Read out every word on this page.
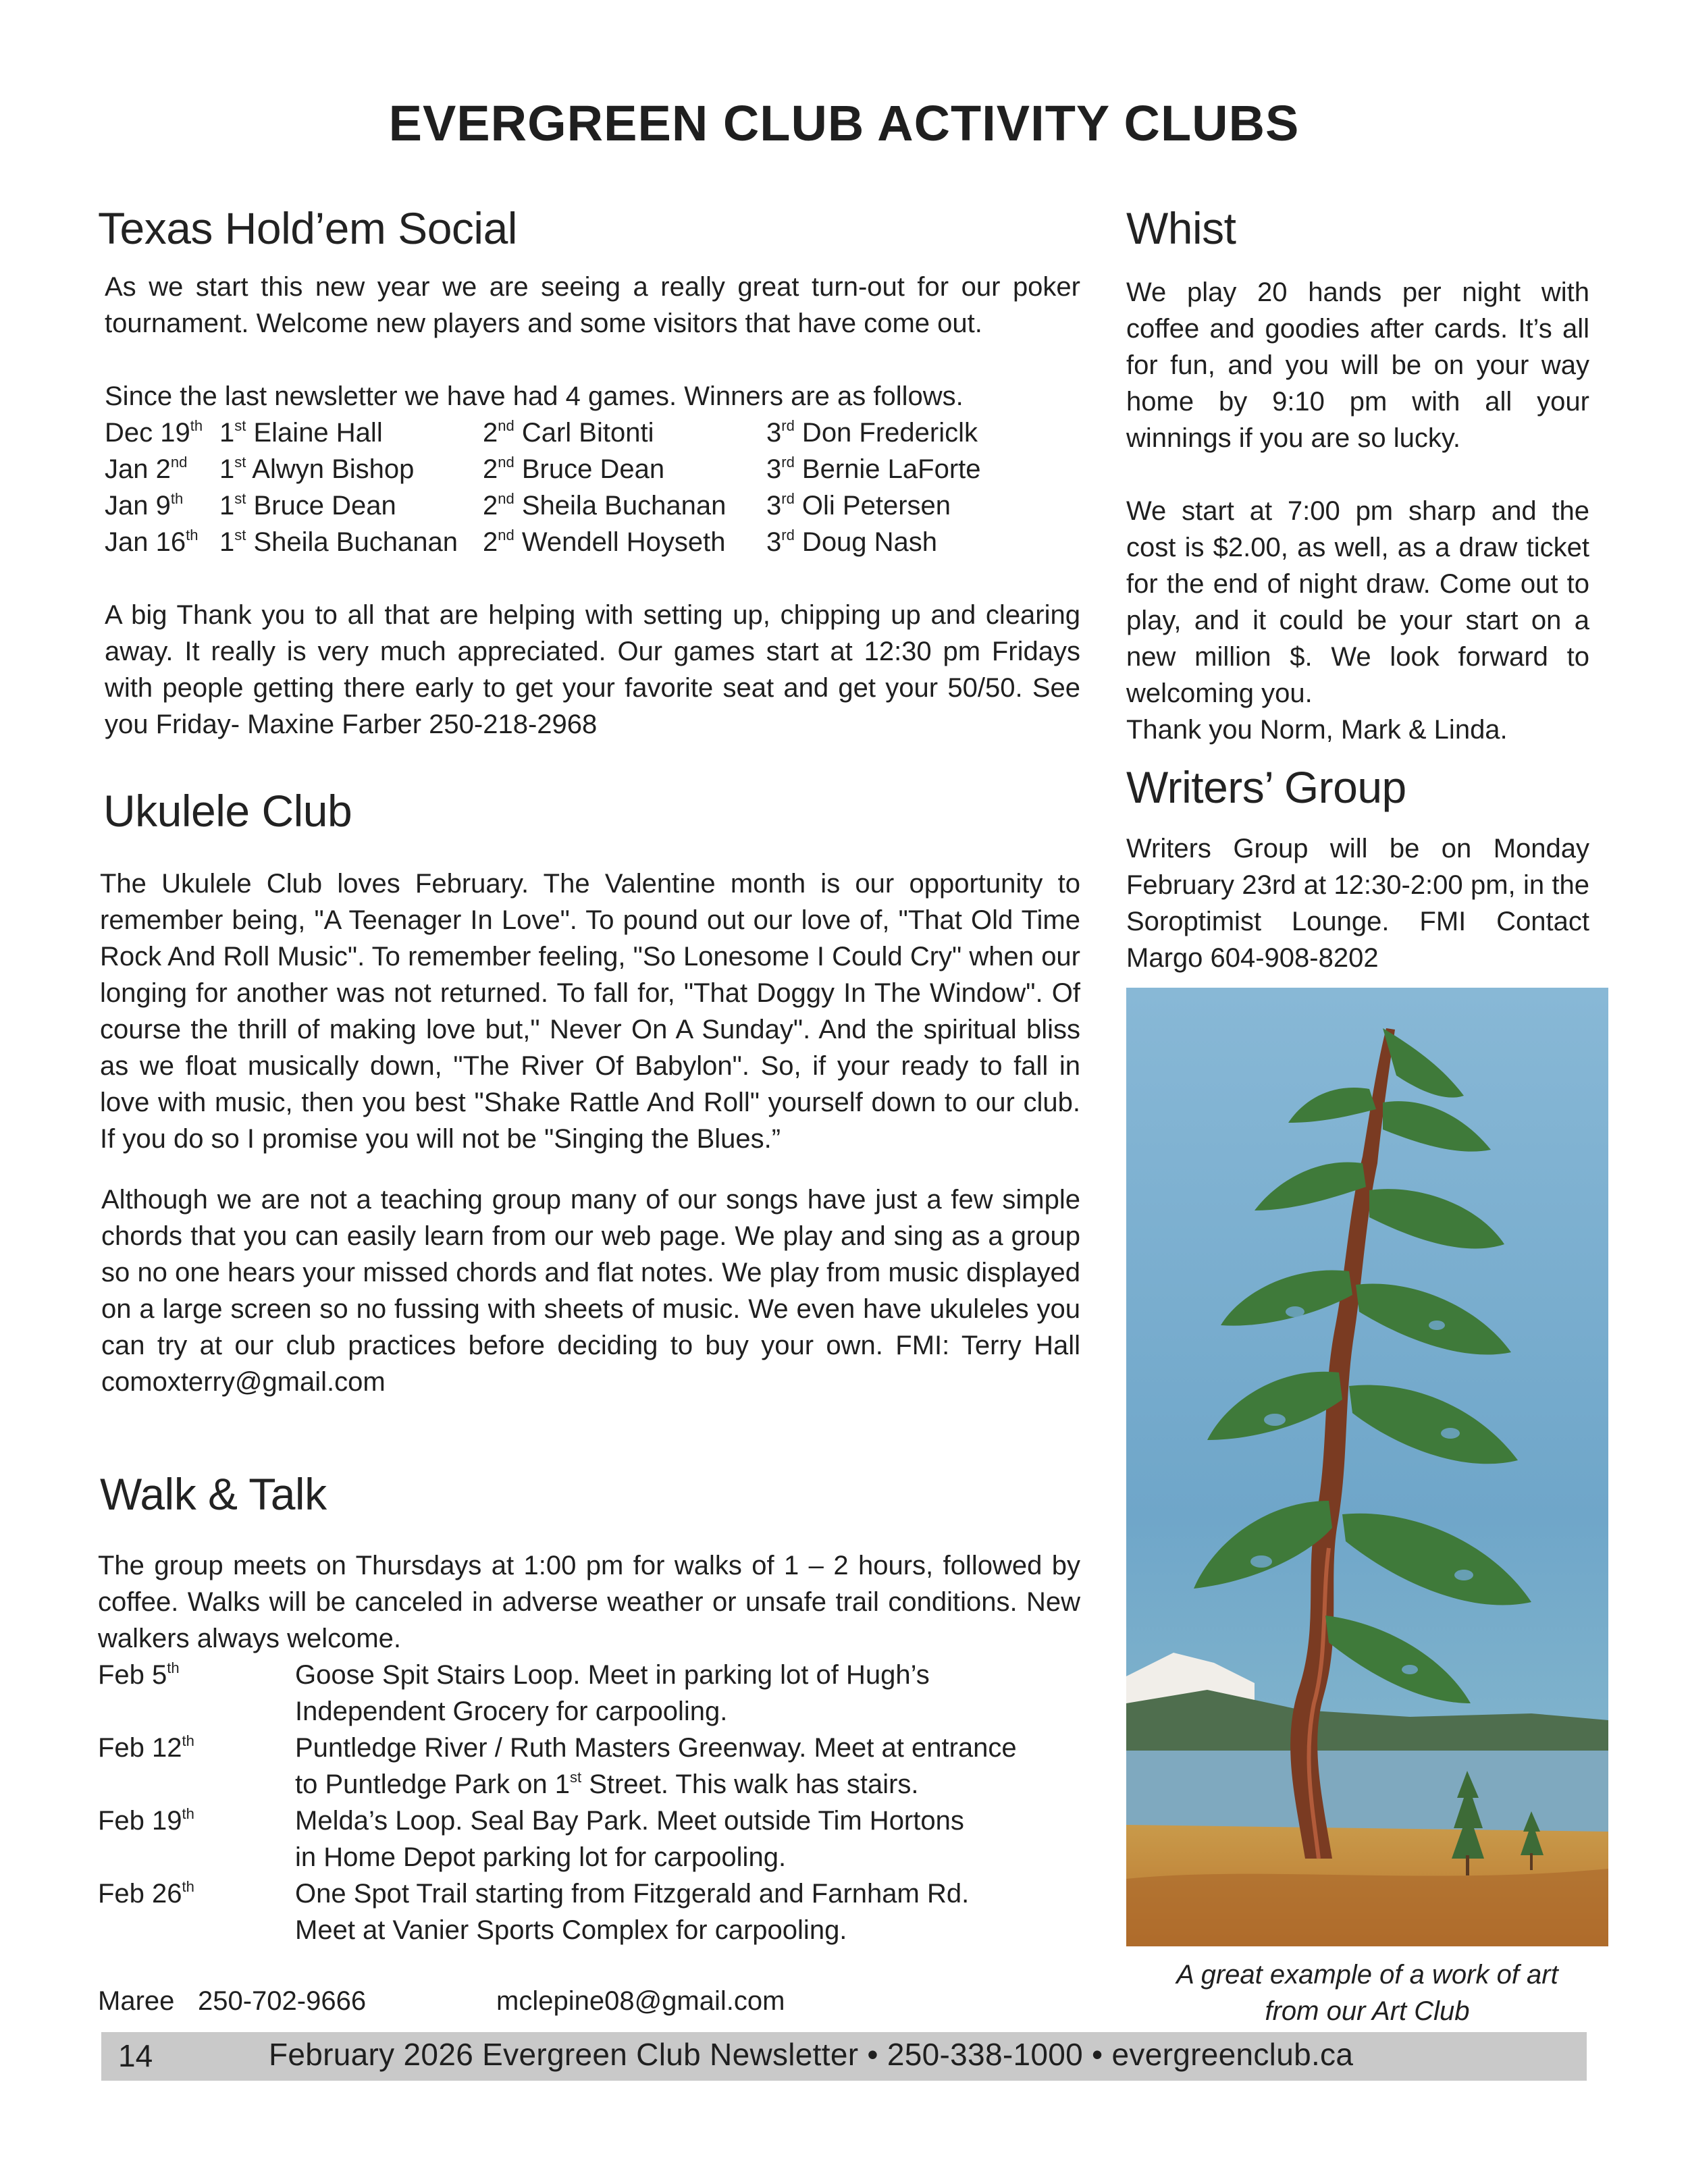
EVERGREEN CLUB ACTIVITY CLUBS
Texas Hold’em Social

As we start this new year we are seeing a really great turn-out for our poker tournament. Welcome new players and some visitors that have come out.

Since the last newsletter we have had 4 games. Winners are as follows.

Dec 19th 1st Elaine Hall	2nd Carl Bitonti	3rd Don Fredericlk
Jan 2nd 1st Alwyn Bishop	2nd Bruce Dean	3rd Bernie LaForte
Jan 9th 1st Bruce Dean	2nd Sheila Buchanan 3rd Oli Petersen
Jan 16th 1st Sheila Buchanan 2nd Wendell Hoyseth 3rd Doug Nash

A big Thank you to all that are helping with setting up, chipping up and clearing away. It really is very much appreciated. Our games start at 12:30 pm Fridays with people getting there early to get your favorite seat and get your 50/50. See you Friday- Maxine Farber 250-218-2968

Ukulele Club

The Ukulele Club loves February. The Valentine month is our opportunity to remember being, "A Teenager In Love". To pound out our love of, "That Old Time Rock And Roll Music". To remember feeling, "So Lonesome I Could Cry" when our longing for another was not returned. To fall for, "That Doggy In The Window". Of course the thrill of making love but," Never On A Sunday". And the spiritual bliss as we float musically down, "The River Of Babylon". So, if your ready to fall in love with music, then you best "Shake Rattle And Roll" yourself down to our club. If you do so I promise you will not be "Singing the Blues.”

Although we are not a teaching group many of our songs have just a few simple chords that you can easily learn from our web page. We play and sing as a group so no one hears your missed chords and flat notes. We play from music displayed on a large screen so no fussing with sheets of music. We even have ukuleles you can try at our club practices before deciding to buy your own. FMI: Terry Hall comoxterry@gmail.com

Walk & Talk

The group meets on Thursdays at 1:00 pm for walks of 1 – 2 hours, followed by coffee. Walks will be canceled in adverse weather or unsafe trail conditions. New walkers always welcome.

Feb 5th	Goose Spit Stairs Loop. Meet in parking lot of Hugh’s
Independent Grocery for carpooling.
Feb 12th	Puntledge River / Ruth Masters Greenway. Meet at entrance
to Puntledge Park on 1st Street. This walk has stairs.
Feb 19th	Melda’s Loop. Seal Bay Park. Meet outside Tim Hortons
in Home Depot parking lot for carpooling.
Feb 26th	One Spot Trail starting from Fitzgerald and Farnham Rd.
Meet at Vanier Sports Complex for carpooling.
Maree 250-702-9666	mclepine08@gmail.com
Whist

We play 20 hands per night with coffee and goodies after cards. It’s all for fun, and you will be on your way home by 9:10 pm with all your winnings if you are so lucky.

We start at 7:00 pm sharp and the cost is $2.00, as well, as a draw ticket for the end of night draw. Come out to play, and it could be your start on a new million $. We look forward to welcoming you.

Thank you Norm, Mark & Linda.

Writers’ Group

Writers Group will be on Monday February 23rd at 12:30-2:00 pm, in the Soroptimist Lounge. FMI Contact Margo 604-908-8202

A great example of a work of art
from our Art Club
14	February 2026 Evergreen Club Newsletter • 250-338-1000 • evergreenclub.ca
